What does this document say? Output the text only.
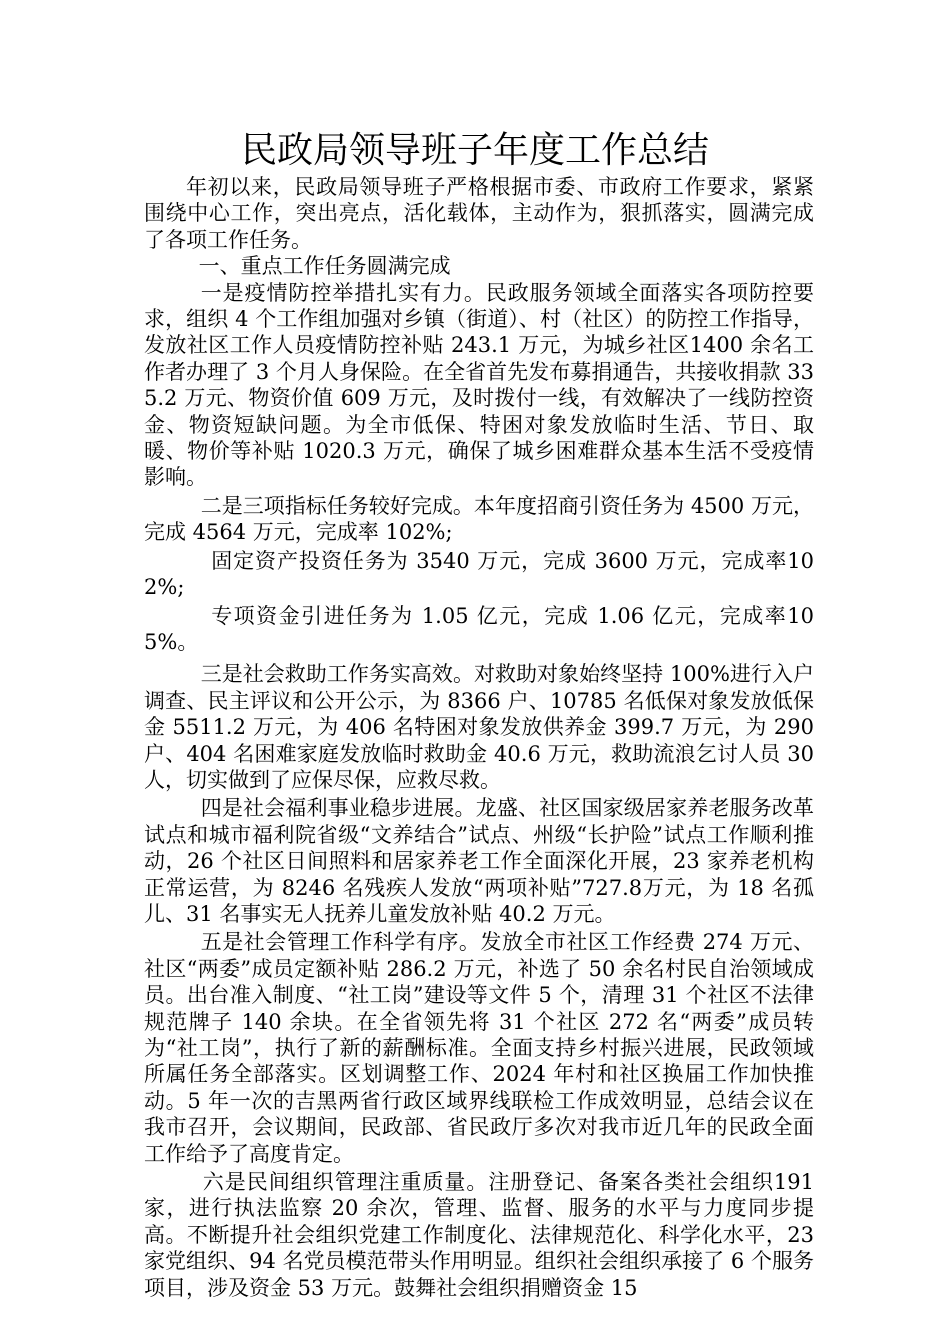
民政局领导班子年度工作总结

年初以来，民政局领导班子严格根据市委、市政府工作要求，紧紧围绕中心工作，突出亮点，活化载体，主动作为，狠抓落实，圆满完成了各项工作任务。

一、重点工作任务圆满完成

一是疫情防控举措扎实有力。民政服务领域全面落实各项防控要求，组织 4 个工作组加强对乡镇（街道）、村（社区）的防控工作指导，发放社区工作人员疫情防控补贴 243.1 万元，为城乡社区1400 余名工作者办理了 3 个月人身保险。在全省首先发布募捐通告，共接收捐款 335.2 万元、物资价值 609 万元，及时拨付一线，有效解决了一线防控资金、物资短缺问题。为全市低保、特困对象发放临时生活、节日、取暖、物价等补贴 1020.3 万元，确保了城乡困难群众基本生活不受疫情影响。

二是三项指标任务较好完成。本年度招商引资任务为 4500 万元，完成 4564 万元，完成率 102%;

固定资产投资任务为 3540 万元，完成 3600 万元，完成率102%;

专项资金引进任务为 1.05 亿元，完成 1.06 亿元，完成率105%。

三是社会救助工作务实高效。对救助对象始终坚持 100%进行入户调查、民主评议和公开公示，为 8366 户、10785 名低保对象发放低保金 5511.2 万元，为 406 名特困对象发放供养金 399.7 万元，为 290 户、404 名困难家庭发放临时救助金 40.6 万元，救助流浪乞讨人员 30 人，切实做到了应保尽保，应救尽救。

四是社会福利事业稳步进展。龙盛、社区国家级居家养老服务改革试点和城市福利院省级“文养结合”试点、州级“长护险”试点工作顺利推动，26 个社区日间照料和居家养老工作全面深化开展，23 家养老机构正常运营，为 8246 名残疾人发放“两项补贴”727.8万元，为 18 名孤儿、31 名事实无人抚养儿童发放补贴 40.2 万元。

五是社会管理工作科学有序。发放全市社区工作经费 274 万元、社区“两委”成员定额补贴 286.2 万元，补选了 50 余名村民自治领域成员。出台准入制度、“社工岗”建设等文件 5 个，清理 31 个社区不法律规范牌子 140 余块。在全省领先将 31 个社区 272 名“两委”成员转为“社工岗”，执行了新的薪酬标准。全面支持乡村振兴进展，民政领域所属任务全部落实。区划调整工作、2024 年村和社区换届工作加快推动。5 年一次的吉黑两省行政区域界线联检工作成效明显，总结会议在我市召开，会议期间，民政部、省民政厅多次对我市近几年的民政全面工作给予了高度肯定。

六是民间组织管理注重质量。注册登记、备案各类社会组织191 家，进行执法监察 20 余次，管理、监督、服务的水平与力度同步提高。不断提升社会组织党建工作制度化、法律规范化、科学化水平，23 家党组织、94 名党员模范带头作用明显。组织社会组织承接了 6 个服务项目，涉及资金 53 万元。鼓舞社会组织捐赠资金 15
